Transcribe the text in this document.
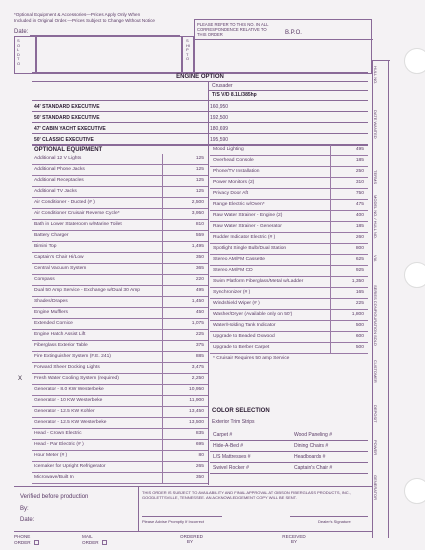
*Optional Equipment & Accessories—Prices Apply Only When
Included in Original Order.—Prices Subject to Change Without Notice
Date:
SOLD TO
SHIP TO
PLEASE REFER TO THIS NO. IN ALL
CORRESPONDENCE RELATIVE TO
THIS ORDER	B.P.O.
HULL NO.
DATE WANTED
TERMS
MODEL NO. / HULL NO.
VIA
SERIES CONFIGURATION
SOLD
CUSTOMER
DEPOSIT
POWER
GENERATOR
ENGINE OPTION
Crusader
T/S V/D 8.1L/385hp
44' STANDARD EXECUTIVE	160,950
50' STANDARD EXECUTIVE	192,500
47' CABIN YACHT EXECUTIVE	180,699
50' CLASSIC EXECUTIVE	195,590
OPTIONAL EQUIPMENT
Additional 12 V Lights	125
Additional Phone Jacks	125
Additional Receptacles	125
Additional TV Jacks	125
Air Conditioner - Ducted (# )	2,500
Air Conditioner Cruisair Reverse Cycle*	3,950
Bath in Lower Stateroom w/Marine Toilet	810
Battery Charger	559
Bimini Top	1,495
Captain's Chair Hi/Low	350
Central Vacuum System	365
Compass	220
Dual 50 Amp Service - Exchange w/Dual 30 Amp	495
Shades/Drapes	1,450
Engine Mufflers	450
Extended Cornice	1,075
Engine Hatch Assist Lift	225
Fiberglass Exterior Table	375
Fire Extinguisher System (F.E. 241)	885
Forward Sheer Docking Lights	3,475
Fresh Water Cooling System (required)	2,250
X
Generator - 8.0 KW Westerbeke	10,950
Generator - 10 KW Westerbeke	11,900
Generator - 12.5 KW Kohler	13,450
Generator - 12.5 KW Westerbeke	13,500
Head - Crown Electric	835
Head - Par Electric (# )	695
Hour Meter (# )	80
Icemaker for Upright Refrigerator	265
Microwave/Built In	350
Mood Lighting	495
Overhead Console	185
Phone/TV Installation	250
Power Monitors (2)	310
Privacy Door Aft	750
Range Electric w/Oven*	475
Raw Water Strainer - Engine (2)	400
Raw Water Strainer - Generator	185
Rudder Indicator Electric (# )	260
Spotlight Single Bulb/Dual Station	800
Stereo AM/FM Cassette	625
Stereo AM/FM CD	925
Swim Platform Fiberglass/Metal w/Ladder	1,350
Synchronizer (# )	165
Windshield Wiper (# )	225
Washer/Dryer (Available only on 50')	1,800
Water/Holding Tank Indicator	500
Upgrade to Beaded Oxwood	600
Upgrade to Berber Carpet	500
* Cruisair Requires 50 amp Service
COLOR SELECTION
Exterior Trim Strips
Carpet #	Wood Paneling #
Hide-A-Bed #	Dining Chairs #
L/S Mattresses #	Headboards #
Swivel Rocker #	Captain's Chair #
Verified before production
By:
Date:
THIS ORDER IS SUBJECT TO AVAILABILITY AND FINAL APPROVAL AT GIBSON FIBERGLASS PRODUCTS, INC.,
GOODLETTSVILLE, TENNESSEE. AN ACKNOWLEDGEMENT COPY WILL BE SENT.
Please Advise Promptly If Incorrect	Dealer's Signature
PHONE
ORDER
MAIL
ORDER
ORDERED BY
RECEIVED BY
